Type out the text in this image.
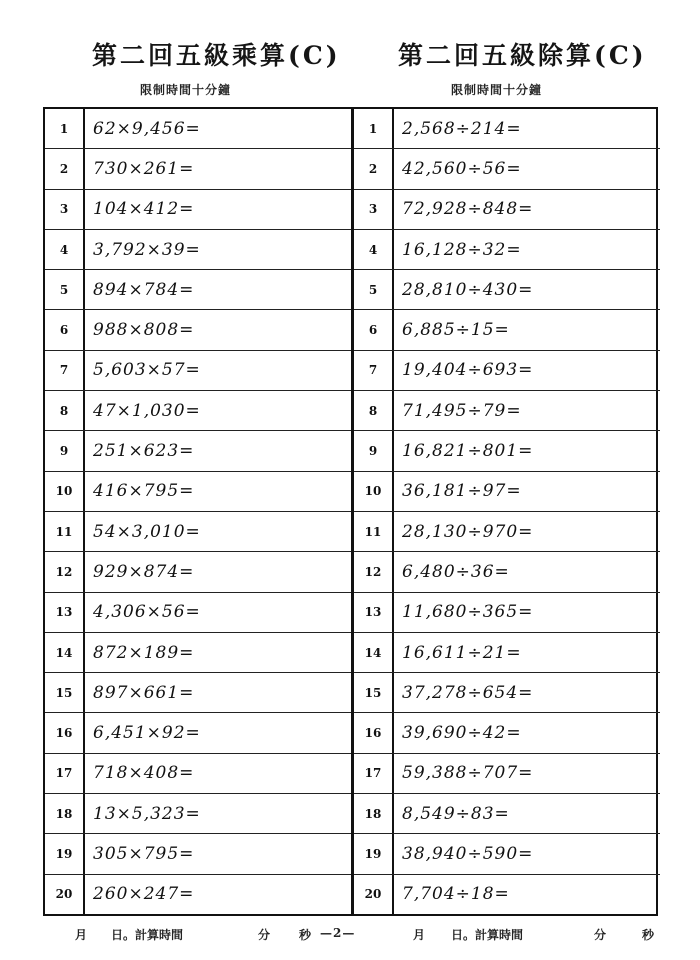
第二回五級乘算(C) 第二回五級除算(C)
限制時間十分鐘	限制時間十分鐘
1	62×9,456=
2	730×261=
3	104×412=
4	3,792×39=
5	894×784=
6	988×808=
7	5,603×57=
8	47×1,030=
9	251×623=
10	416×795=
11	54×3,010=
12	929×874=
13	4,306×56=
14	872×189=
15	897×661=
16	6,451×92=
17	718×408=
18	13×5,323=
19	305×795=
20	260×247=
1	2,568÷214=
2	42,560÷56=
3	72,928÷848=
4	16,128÷32=
5	28,810÷430=
6	6,885÷15=
7	19,404÷693=
8	71,495÷79=
9	16,821÷801=
10	36,181÷97=
11	28,130÷970=
12	6,480÷36=
13	11,680÷365=
14	16,611÷21=
15	37,278÷654=
16	39,690÷42=
17	59,388÷707=
18	8,549÷83=
19	38,940÷590=
20	7,704÷18=
月 日。計算時間	分 秒 —2—	月 日。計算時間	分	秒
